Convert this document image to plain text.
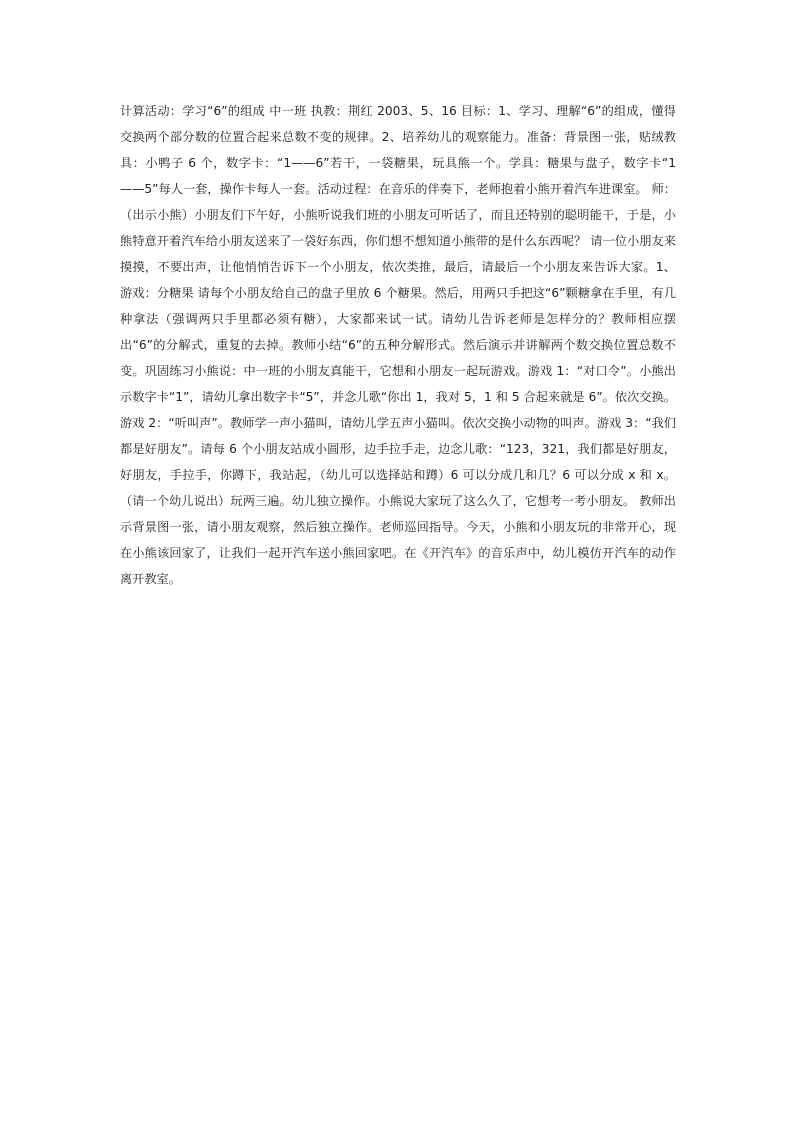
计算活动：学习“6”的组成 中一班 执教：荆红 2003、5、16 目标：1、学习、理解“6”的组成，懂得交换两个部分数的位置合起来总数不变的规律。2、培养幼儿的观察能力。准备：背景图一张，贴绒教具：小鸭子 6 个，数字卡：“1——6”若干，一袋糖果，玩具熊一个。学具：糖果与盘子，数字卡“1——5”每人一套，操作卡每人一套。活动过程：在音乐的伴奏下，老师抱着小熊开着汽车进课室。 师：（出示小熊）小朋友们下午好，小熊听说我们班的小朋友可听话了，而且还特别的聪明能干，于是，小熊特意开着汽车给小朋友送来了一袋好东西，你们想不想知道小熊带的是什么东西呢？ 请一位小朋友来摸摸，不要出声，让他悄悄告诉下一个小朋友，依次类推，最后，请最后一个小朋友来告诉大家。1、 游戏：分糖果 请每个小朋友给自己的盘子里放 6 个糖果。然后，用两只手把这“6”颗糖拿在手里，有几种拿法（强调两只手里都必须有糖），大家都来试一试。请幼儿告诉老师是怎样分的？教师相应摆出“6”的分解式，重复的去掉。教师小结“6”的五种分解形式。然后演示并讲解两个数交换位置总数不变。巩固练习小熊说：中一班的小朋友真能干，它想和小朋友一起玩游戏。游戏 1：“对口令”。小熊出示数字卡“1”，请幼儿拿出数字卡“5”，并念儿歌“你出 1，我对 5，1 和 5 合起来就是 6”。依次交换。游戏 2：“听叫声”。教师学一声小猫叫，请幼儿学五声小猫叫。依次交换小动物的叫声。游戏 3：“我们都是好朋友”。请每 6 个小朋友站成小圆形，边手拉手走，边念儿歌：“123，321，我们都是好朋友，好朋友，手拉手，你蹲下，我站起，（幼儿可以选择站和蹲）6 可以分成几和几？6 可以分成 x 和 x。（请一个幼儿说出）玩两三遍。幼儿独立操作。小熊说大家玩了这么久了，它想考一考小朋友。 教师出示背景图一张，请小朋友观察，然后独立操作。老师巡回指导。今天，小熊和小朋友玩的非常开心，现在小熊该回家了，让我们一起开汽车送小熊回家吧。在《开汽车》的音乐声中，幼儿模仿开汽车的动作离开教室。
